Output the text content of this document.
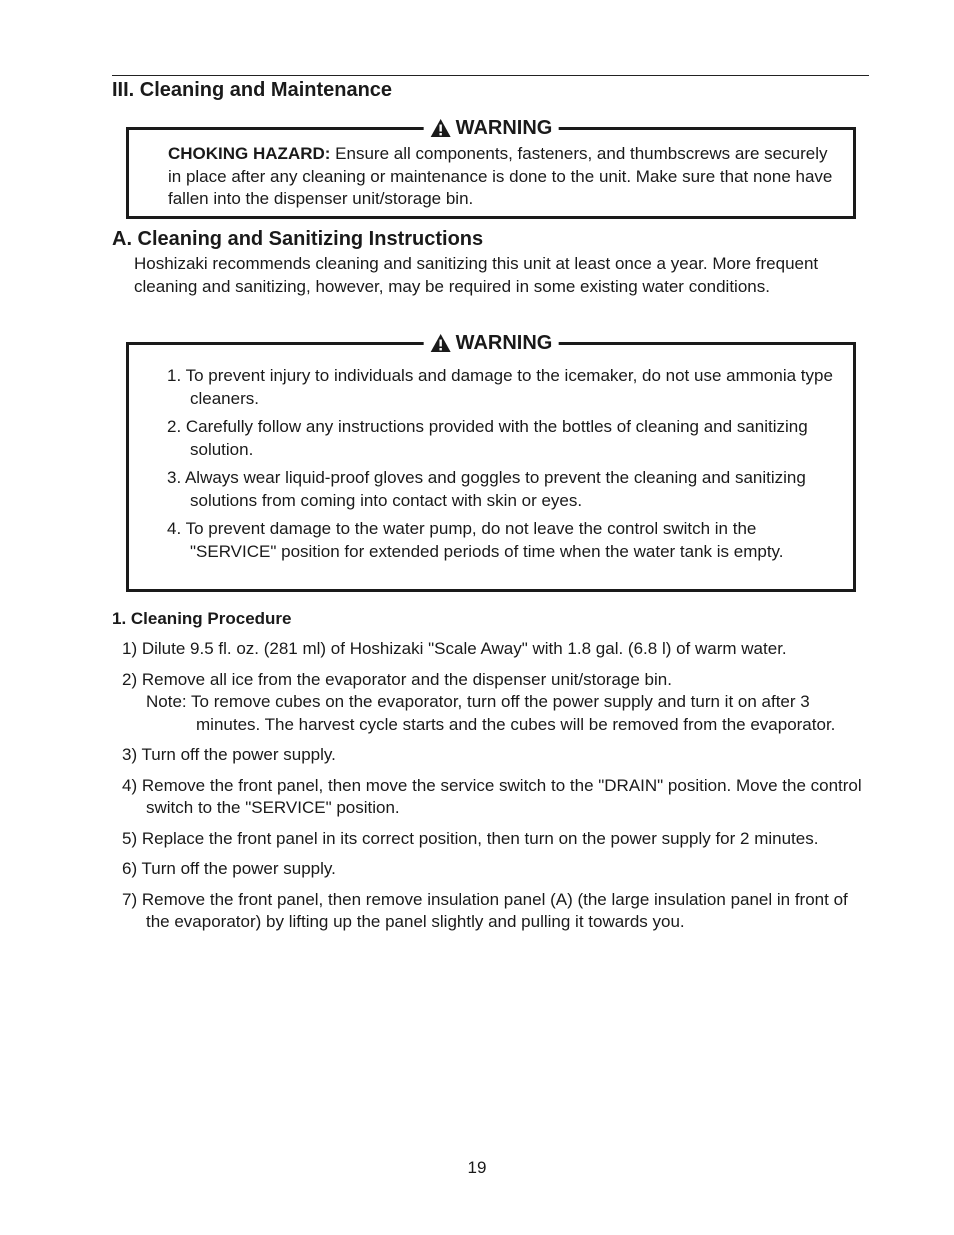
III. Cleaning and Maintenance
WARNING
CHOKING HAZARD: Ensure all components, fasteners, and thumbscrews are securely in place after any cleaning or maintenance is done to the unit. Make sure that none have fallen into the dispenser unit/storage bin.
A. Cleaning and Sanitizing Instructions
Hoshizaki recommends cleaning and sanitizing this unit at least once a year. More frequent cleaning and sanitizing, however, may be required in some existing water conditions.
WARNING
1. To prevent injury to individuals and damage to the icemaker, do not use ammonia type cleaners.
2. Carefully follow any instructions provided with the bottles of cleaning and sanitizing solution.
3. Always wear liquid-proof gloves and goggles to prevent the cleaning and sanitizing solutions from coming into contact with skin or eyes.
4. To prevent damage to the water pump, do not leave the control switch in the "SERVICE" position for extended periods of time when the water tank is empty.
1. Cleaning Procedure
1) Dilute 9.5 fl. oz. (281 ml) of Hoshizaki "Scale Away" with 1.8 gal. (6.8 l) of warm water.
2) Remove all ice from the evaporator and the dispenser unit/storage bin.
Note: To remove cubes on the evaporator, turn off the power supply and turn it on after 3 minutes. The harvest cycle starts and the cubes will be removed from the evaporator.
3) Turn off the power supply.
4) Remove the front panel, then move the service switch to the "DRAIN" position. Move the control switch to the "SERVICE" position.
5) Replace the front panel in its correct position, then turn on the power supply for 2 minutes.
6) Turn off the power supply.
7) Remove the front panel, then remove insulation panel (A) (the large insulation panel in front of the evaporator) by lifting up the panel slightly and pulling it towards you.
19
